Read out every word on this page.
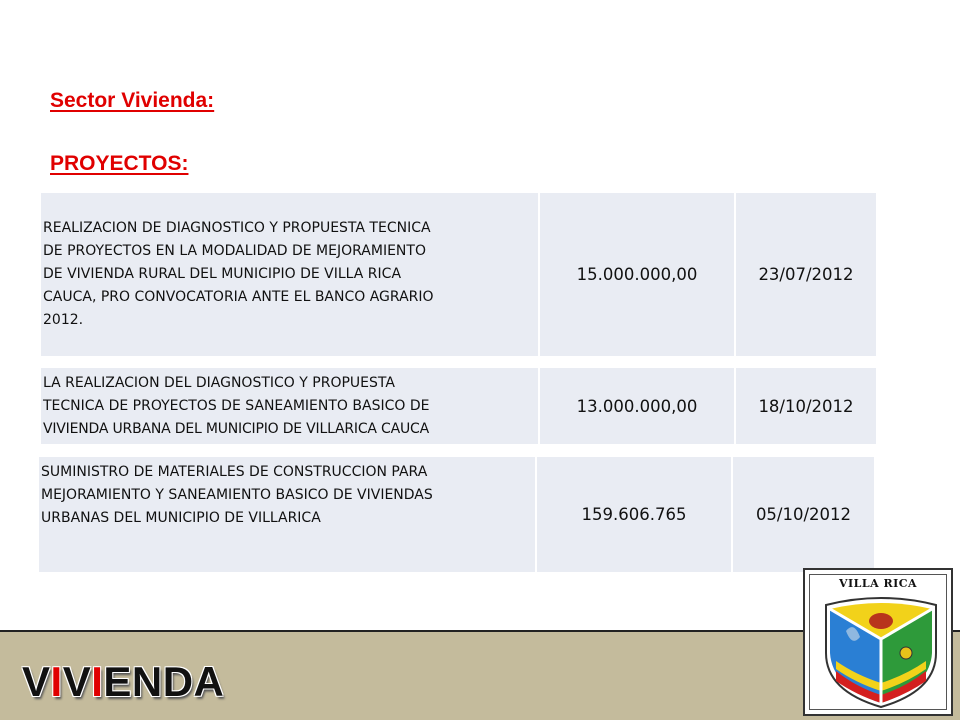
Sector Vivienda:
PROYECTOS:
REALIZACION DE DIAGNOSTICO Y PROPUESTA TECNICA
DE PROYECTOS EN LA MODALIDAD DE MEJORAMIENTO
DE VIVIENDA RURAL DEL MUNICIPIO DE VILLA RICA
CAUCA, PRO CONVOCATORIA ANTE EL BANCO AGRARIO
2012.
15.000.000,00	23/07/2012
LA REALIZACION DEL DIAGNOSTICO Y PROPUESTA
TECNICA DE PROYECTOS DE SANEAMIENTO BASICO DE
VIVIENDA URBANA DEL MUNICIPIO DE VILLARICA CAUCA
13.000.000,00	18/10/2012
SUMINISTRO DE MATERIALES DE CONSTRUCCION PARA
MEJORAMIENTO Y SANEAMIENTO BASICO DE VIVIENDAS
URBANAS DEL MUNICIPIO DE VILLARICA	159.606.765	05/10/2012
VIVIENDA
VILLA RICA
